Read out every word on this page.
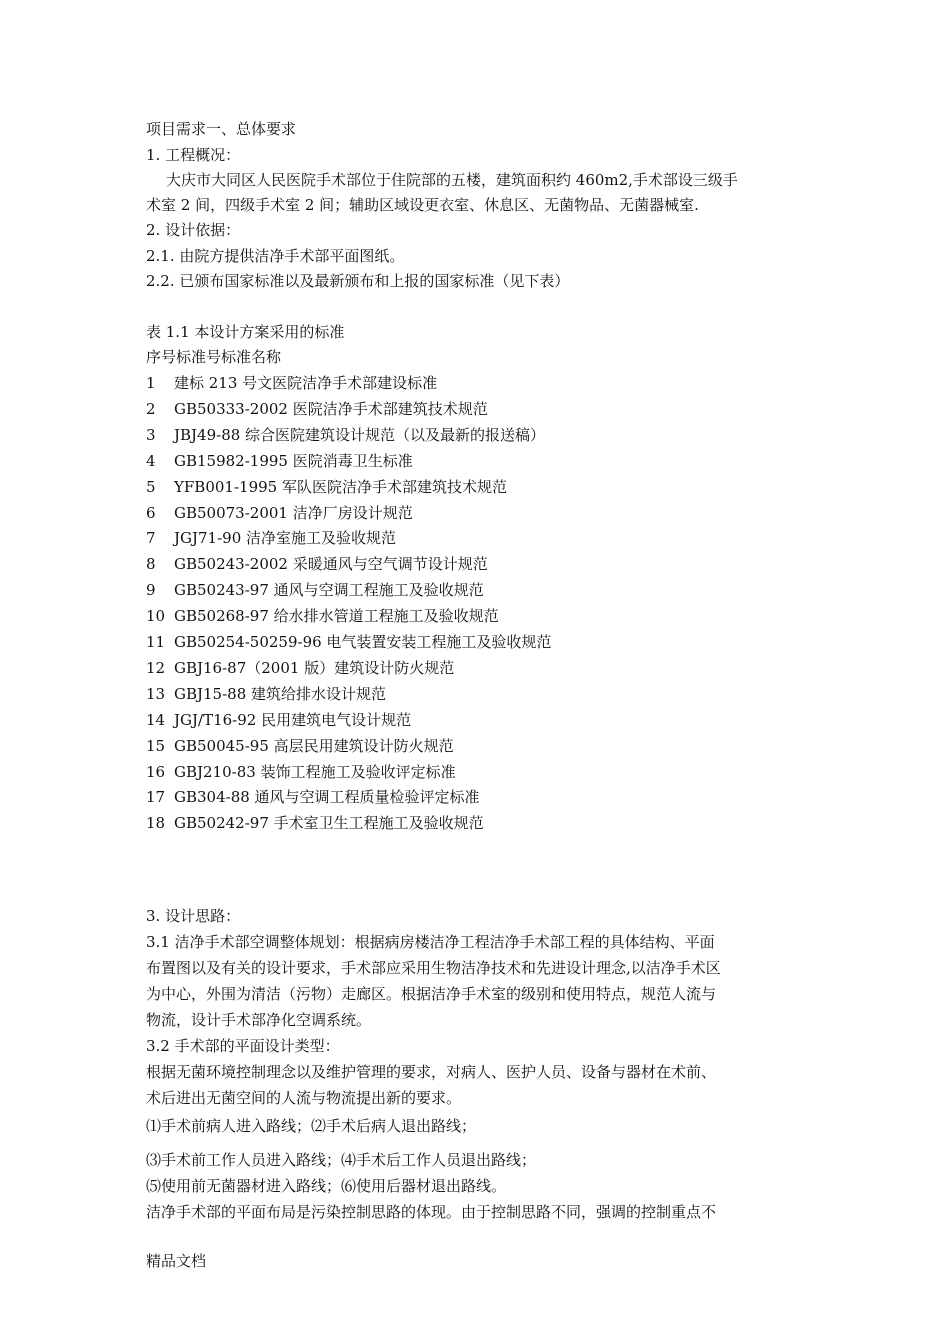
项目需求一、总体要求
1. 工程概况：
大庆市大同区人民医院手术部位于住院部的五楼，建筑面积约 460m2,手术部设三级手
术室 2 间，四级手术室 2 间；辅助区域设更衣室、休息区、无菌物品、无菌器械室.
2. 设计依据：
2.1. 由院方提供洁净手术部平面图纸。
2.2. 已颁布国家标准以及最新颁布和上报的国家标准（见下表）
表 1.1 本设计方案采用的标准
序号标准号标准名称
1 建标 213 号文医院洁净手术部建设标准
2 GB50333-2002 医院洁净手术部建筑技术规范
3 JBJ49-88 综合医院建筑设计规范（以及最新的报送稿）
4 GB15982-1995 医院消毒卫生标准
5 YFB001-1995 军队医院洁净手术部建筑技术规范
6 GB50073-2001 洁净厂房设计规范
7 JGJ71-90 洁净室施工及验收规范
8 GB50243-2002 采暖通风与空气调节设计规范
9 GB50243-97 通风与空调工程施工及验收规范
10 GB50268-97 给水排水管道工程施工及验收规范
11 GB50254-50259-96 电气装置安装工程施工及验收规范
12 GBJ16-87（2001 版）建筑设计防火规范
13 GBJ15-88 建筑给排水设计规范
14 JGJ/T16-92 民用建筑电气设计规范
15 GB50045-95 高层民用建筑设计防火规范
16 GBJ210-83 装饰工程施工及验收评定标准
17 GB304-88 通风与空调工程质量检验评定标准
18 GB50242-97 手术室卫生工程施工及验收规范
3. 设计思路：
3.1 洁净手术部空调整体规划：根据病房楼洁净工程洁净手术部工程的具体结构、平面
布置图以及有关的设计要求，手术部应采用生物洁净技术和先进设计理念,以洁净手术区
为中心，外围为清洁（污物）走廊区。根据洁净手术室的级别和使用特点，规范人流与
物流，设计手术部净化空调系统。
3.2 手术部的平面设计类型：
根据无菌环境控制理念以及维护管理的要求，对病人、医护人员、设备与器材在术前、
术后进出无菌空间的人流与物流提出新的要求。
⑴手术前病人进入路线；⑵手术后病人退出路线；
⑶手术前工作人员进入路线；⑷手术后工作人员退出路线；
⑸使用前无菌器材进入路线；⑹使用后器材退出路线。
洁净手术部的平面布局是污染控制思路的体现。由于控制思路不同，强调的控制重点不
精品文档
